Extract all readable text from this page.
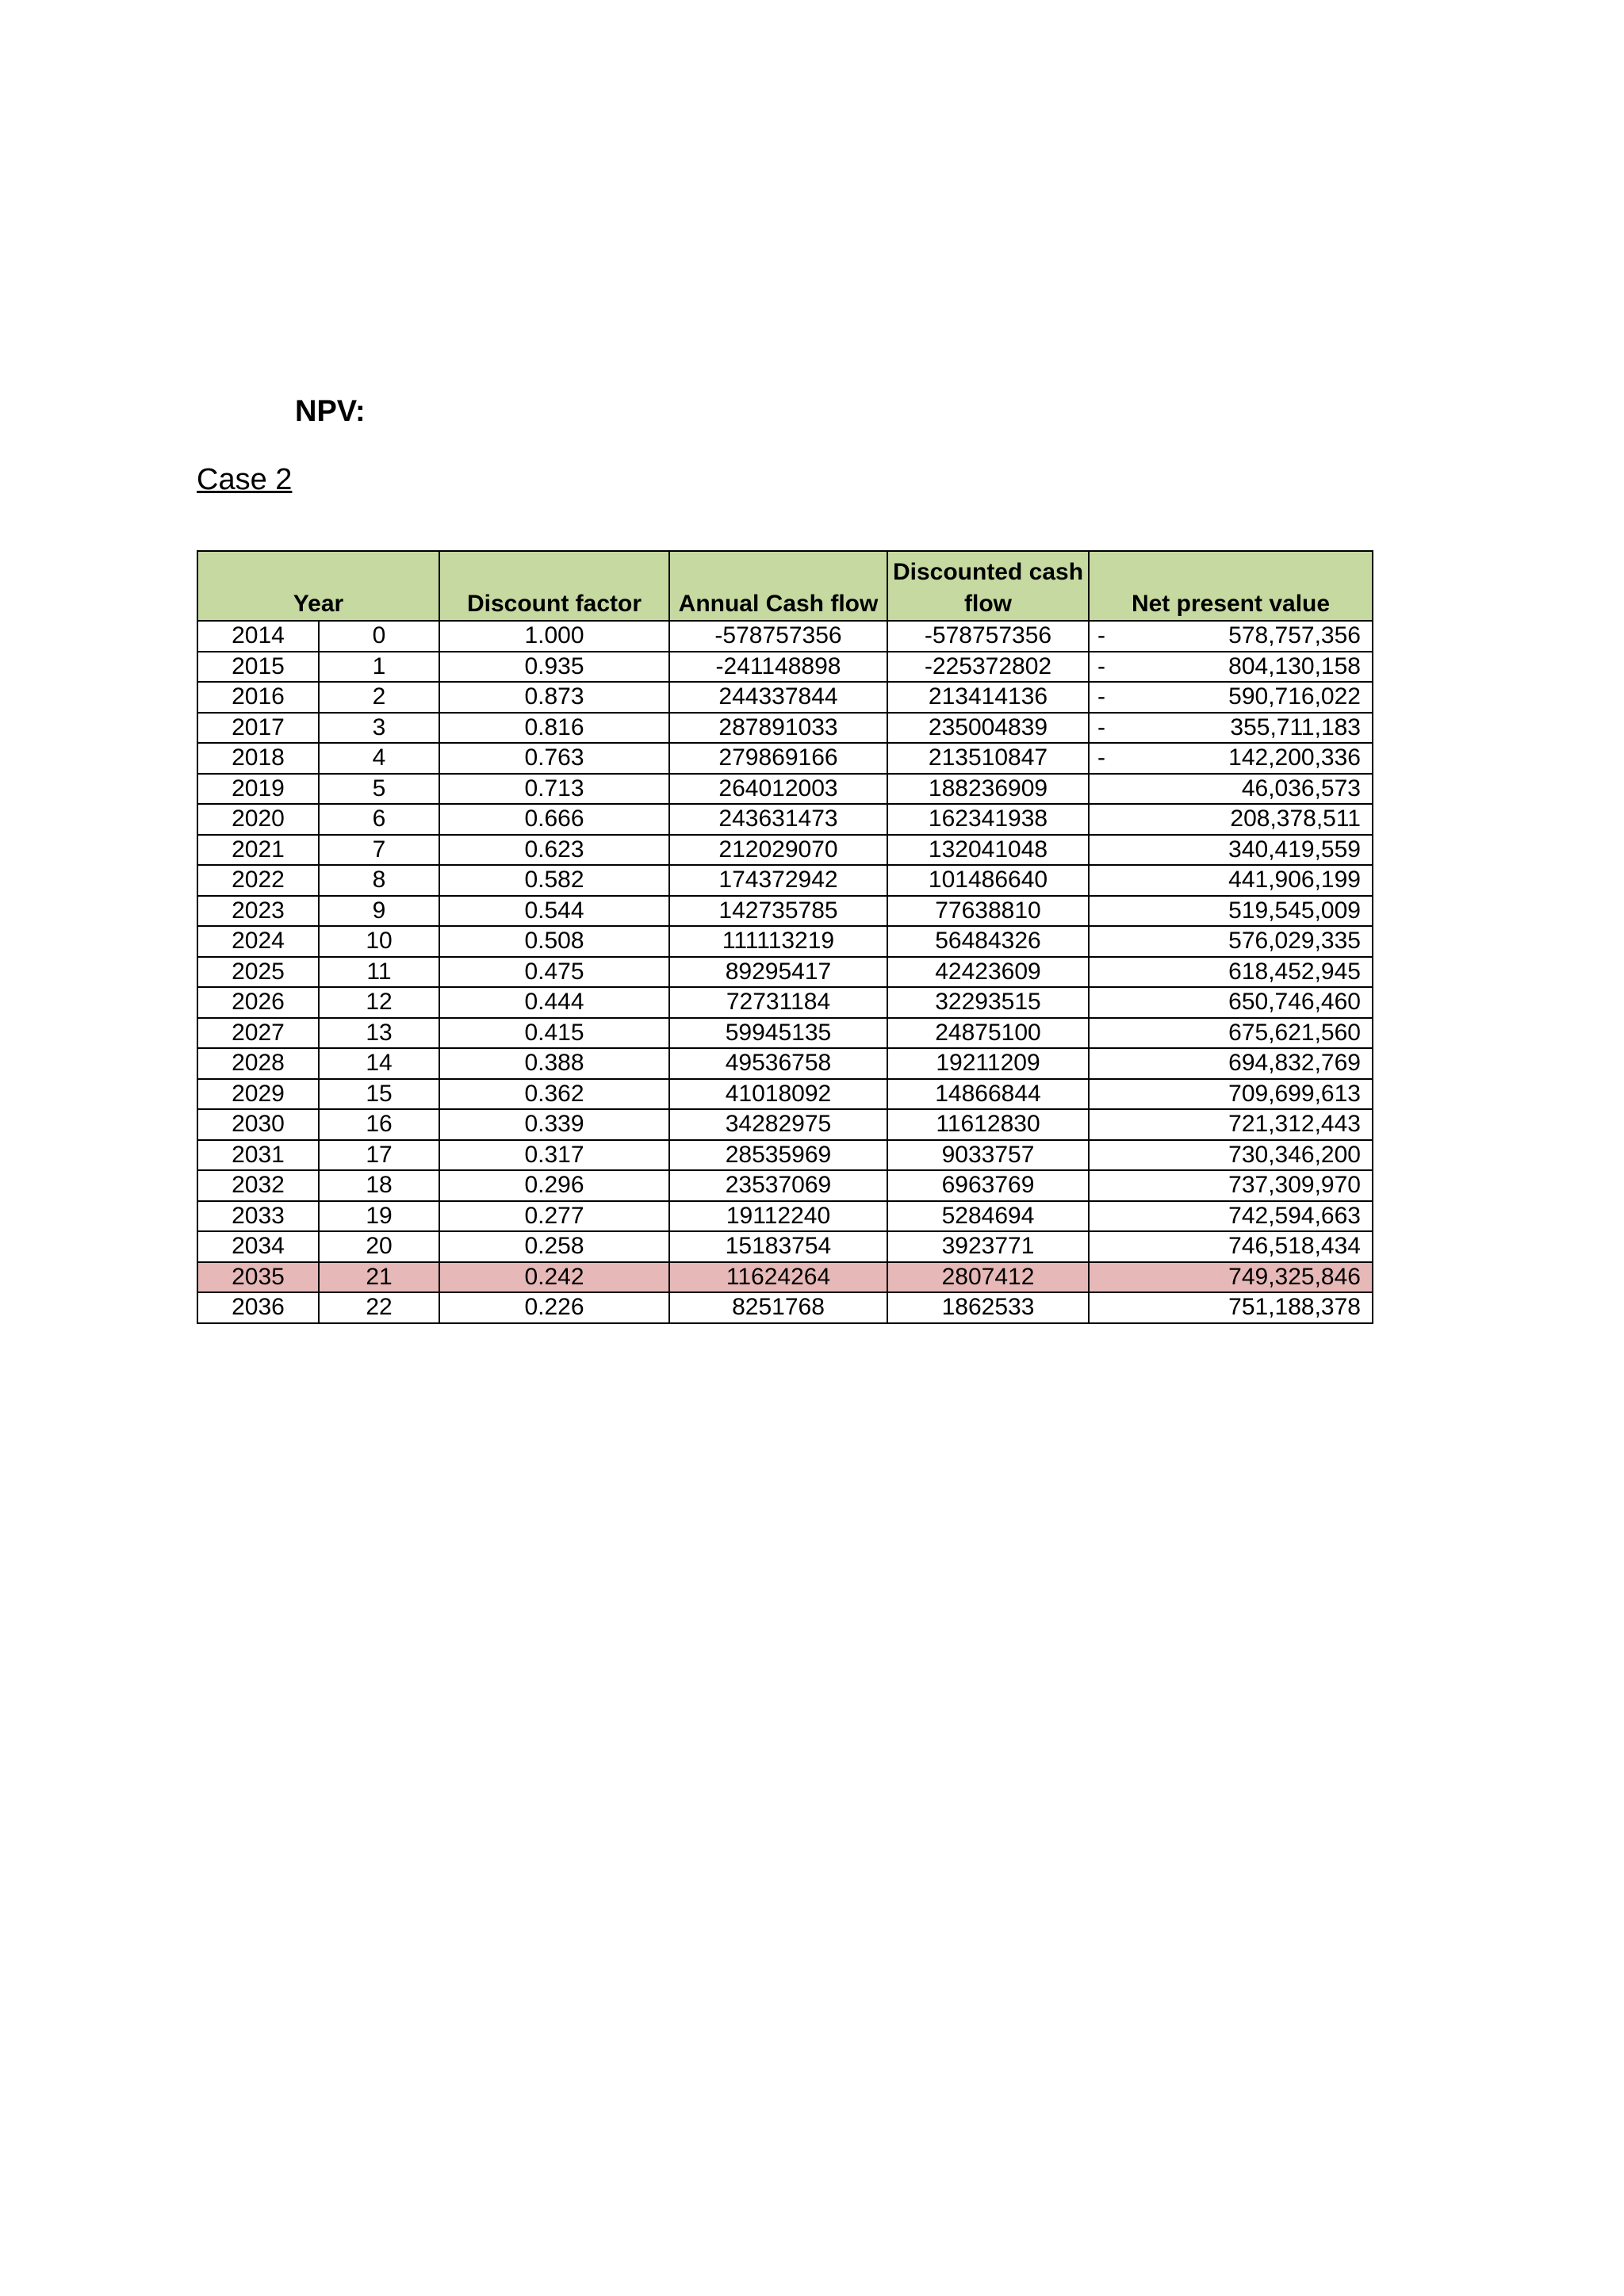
NPV:

Case 2

Year		Discount factor	Annual Cash flow	Discounted cash flow	Net present value
2014	0	1.000	-578757356	-578757356	- 578,757,356
2015	1	0.935	-241148898	-225372802	- 804,130,158
2016	2	0.873	244337844	213414136	- 590,716,022
2017	3	0.816	287891033	235004839	- 355,711,183
2018	4	0.763	279869166	213510847	- 142,200,336
2019	5	0.713	264012003	188236909	46,036,573
2020	6	0.666	243631473	162341938	208,378,511
2021	7	0.623	212029070	132041048	340,419,559
2022	8	0.582	174372942	101486640	441,906,199
2023	9	0.544	142735785	77638810	519,545,009
2024	10	0.508	111113219	56484326	576,029,335
2025	11	0.475	89295417	42423609	618,452,945
2026	12	0.444	72731184	32293515	650,746,460
2027	13	0.415	59945135	24875100	675,621,560
2028	14	0.388	49536758	19211209	694,832,769
2029	15	0.362	41018092	14866844	709,699,613
2030	16	0.339	34282975	11612830	721,312,443
2031	17	0.317	28535969	9033757	730,346,200
2032	18	0.296	23537069	6963769	737,309,970
2033	19	0.277	19112240	5284694	742,594,663
2034	20	0.258	15183754	3923771	746,518,434
2035	21	0.242	11624264	2807412	749,325,846
2036	22	0.226	8251768	1862533	751,188,378
